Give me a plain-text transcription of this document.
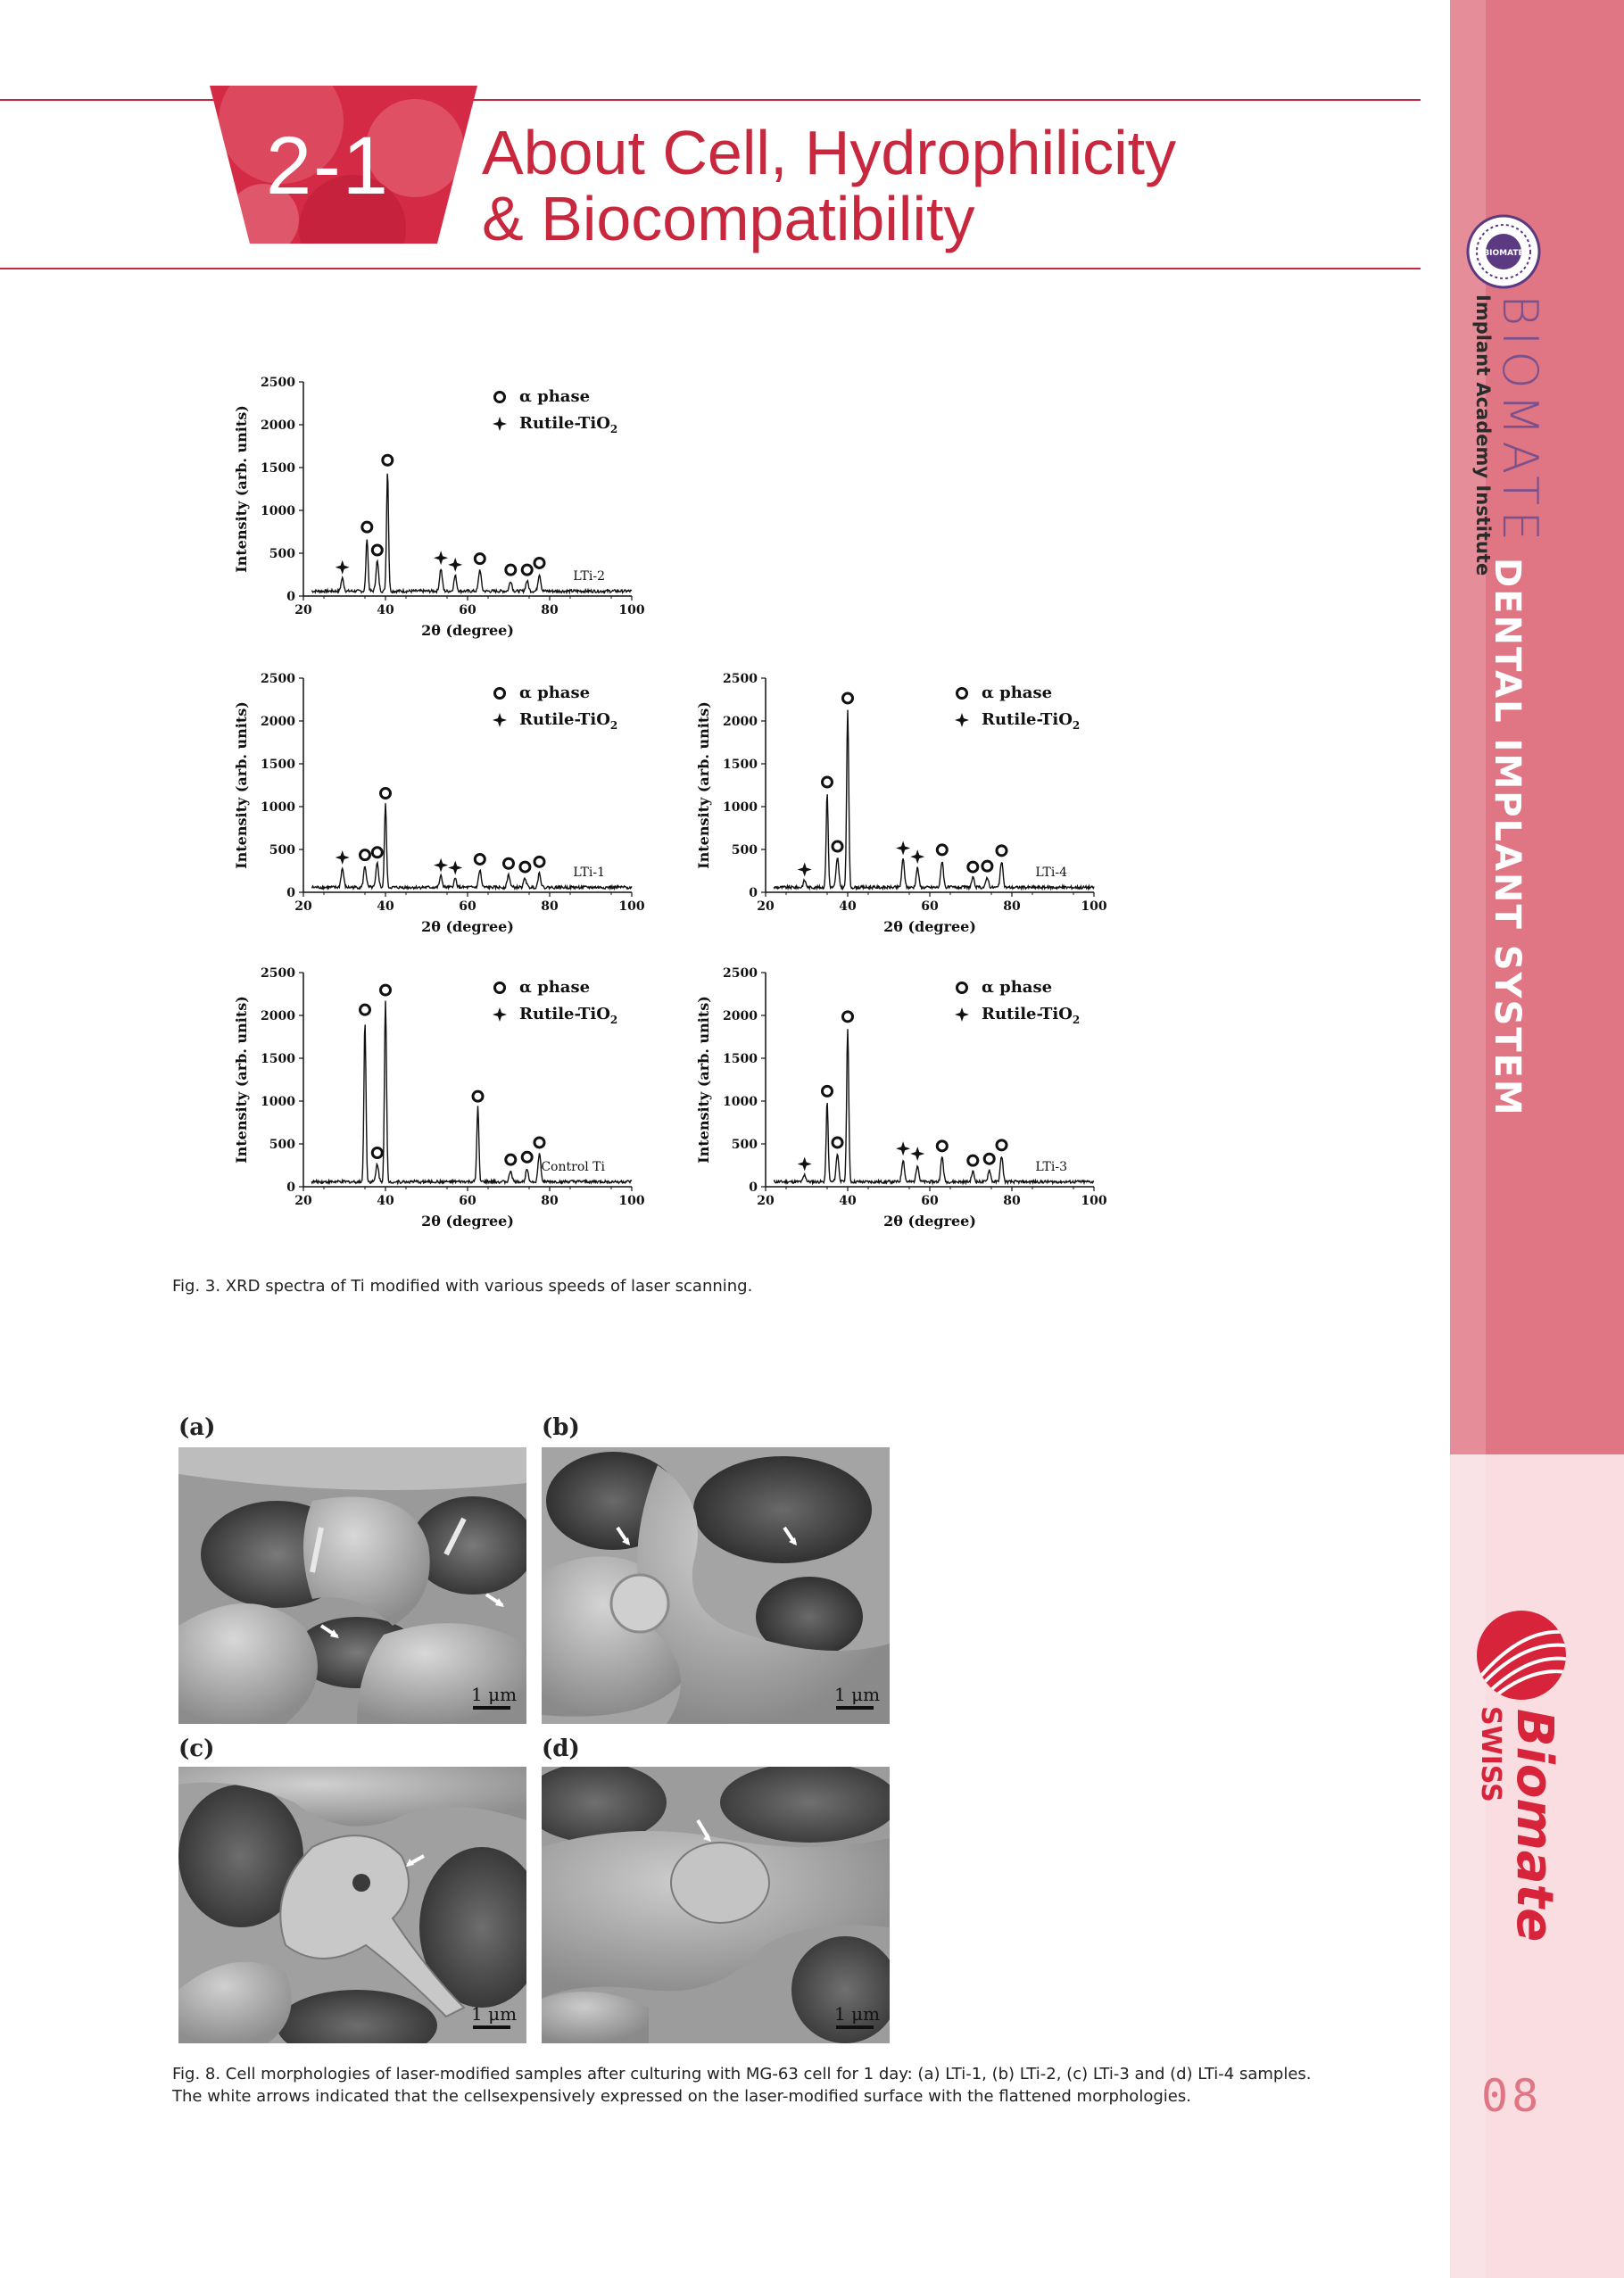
2-1 About Cell, Hydrophilicity
& Biocompatibility	BIOMATE
BIOMATE
Implant Academy Institute
DENTAL IMPLANT SYSTEM
Biomate
SWISS
08
0
500
1000
1500
2000
2500
20	40	60	80	100
2θ (degree)
Intensity (arb. units)
LTi-2
α phase
Rutile-TiO$_2$
0
500
1000
1500
2000
2500
20	40	60	80	100
2θ (degree)
Intensity (arb. units)
LTi-1
α phase
Rutile-TiO$_2$
0
500
1000
1500
2000
2500
20	40	60	80	100
2θ (degree)
Intensity (arb. units)
LTi-4
α phase
Rutile-TiO$_2$
0
500
1000
1500
2000
2500
20	40	60	80	100
2θ (degree)
Intensity (arb. units)
Control Ti
α phase
Rutile-TiO$_2$
0
500
1000
1500
2000
2500
20	40	60	80	100
2θ (degree)
Intensity (arb. units)
LTi-3
α phase
Rutile-TiO$_2$
Fig. 3. XRD spectra of Ti modified with various speeds of laser scanning.
(a)	(b)
(c)	(d)
1 μm	1 μm
1 μm	1 μm
Fig. 8. Cell morphologies of laser-modified samples after culturing with MG-63 cell for 1 day: (a) LTi-1, (b) LTi-2, (c) LTi-3 and (d) LTi-4 samples.
The white arrows indicated that the cellsexpensively expressed on the laser-modified surface with the flattened morphologies.
